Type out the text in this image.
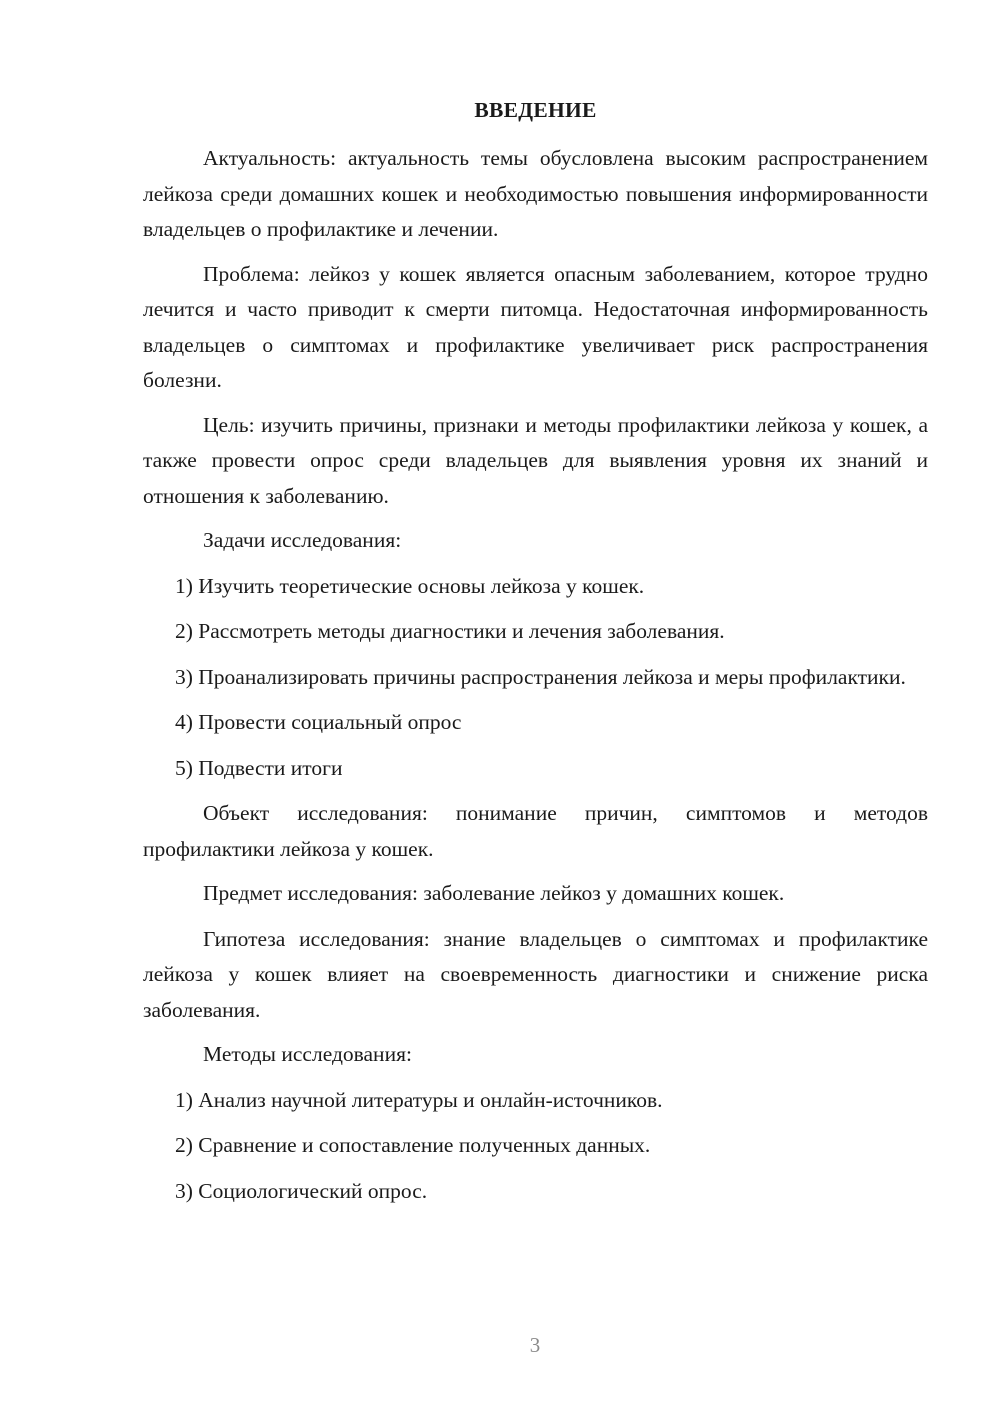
ВВЕДЕНИЕ

Актуальность: актуальность темы обусловлена высоким распространением лейкоза среди домашних кошек и необходимостью повышения информированности владельцев о профилактике и лечении.

Проблема: лейкоз у кошек является опасным заболеванием, которое трудно лечится и часто приводит к смерти питомца. Недостаточная информированность владельцев о симптомах и профилактике увеличивает риск распространения болезни.

Цель: изучить причины, признаки и методы профилактики лейкоза у кошек, а также провести опрос среди владельцев для выявления уровня их знаний и отношения к заболеванию.

Задачи исследования:

1) Изучить теоретические основы лейкоза у кошек.

2) Рассмотреть методы диагностики и лечения заболевания.

3) Проанализировать причины распространения лейкоза и меры профилактики.

4) Провести социальный опрос

5) Подвести итоги

Объект исследования: понимание причин, симптомов и методов профилактики лейкоза у кошек.

Предмет исследования: заболевание лейкоз у домашних кошек.

Гипотеза исследования: знание владельцев о симптомах и профилактике лейкоза у кошек влияет на своевременность диагностики и снижение риска заболевания.

Методы исследования:

1) Анализ научной литературы и онлайн-источников.

2) Сравнение и сопоставление полученных данных.

3) Социологический опрос.

3
